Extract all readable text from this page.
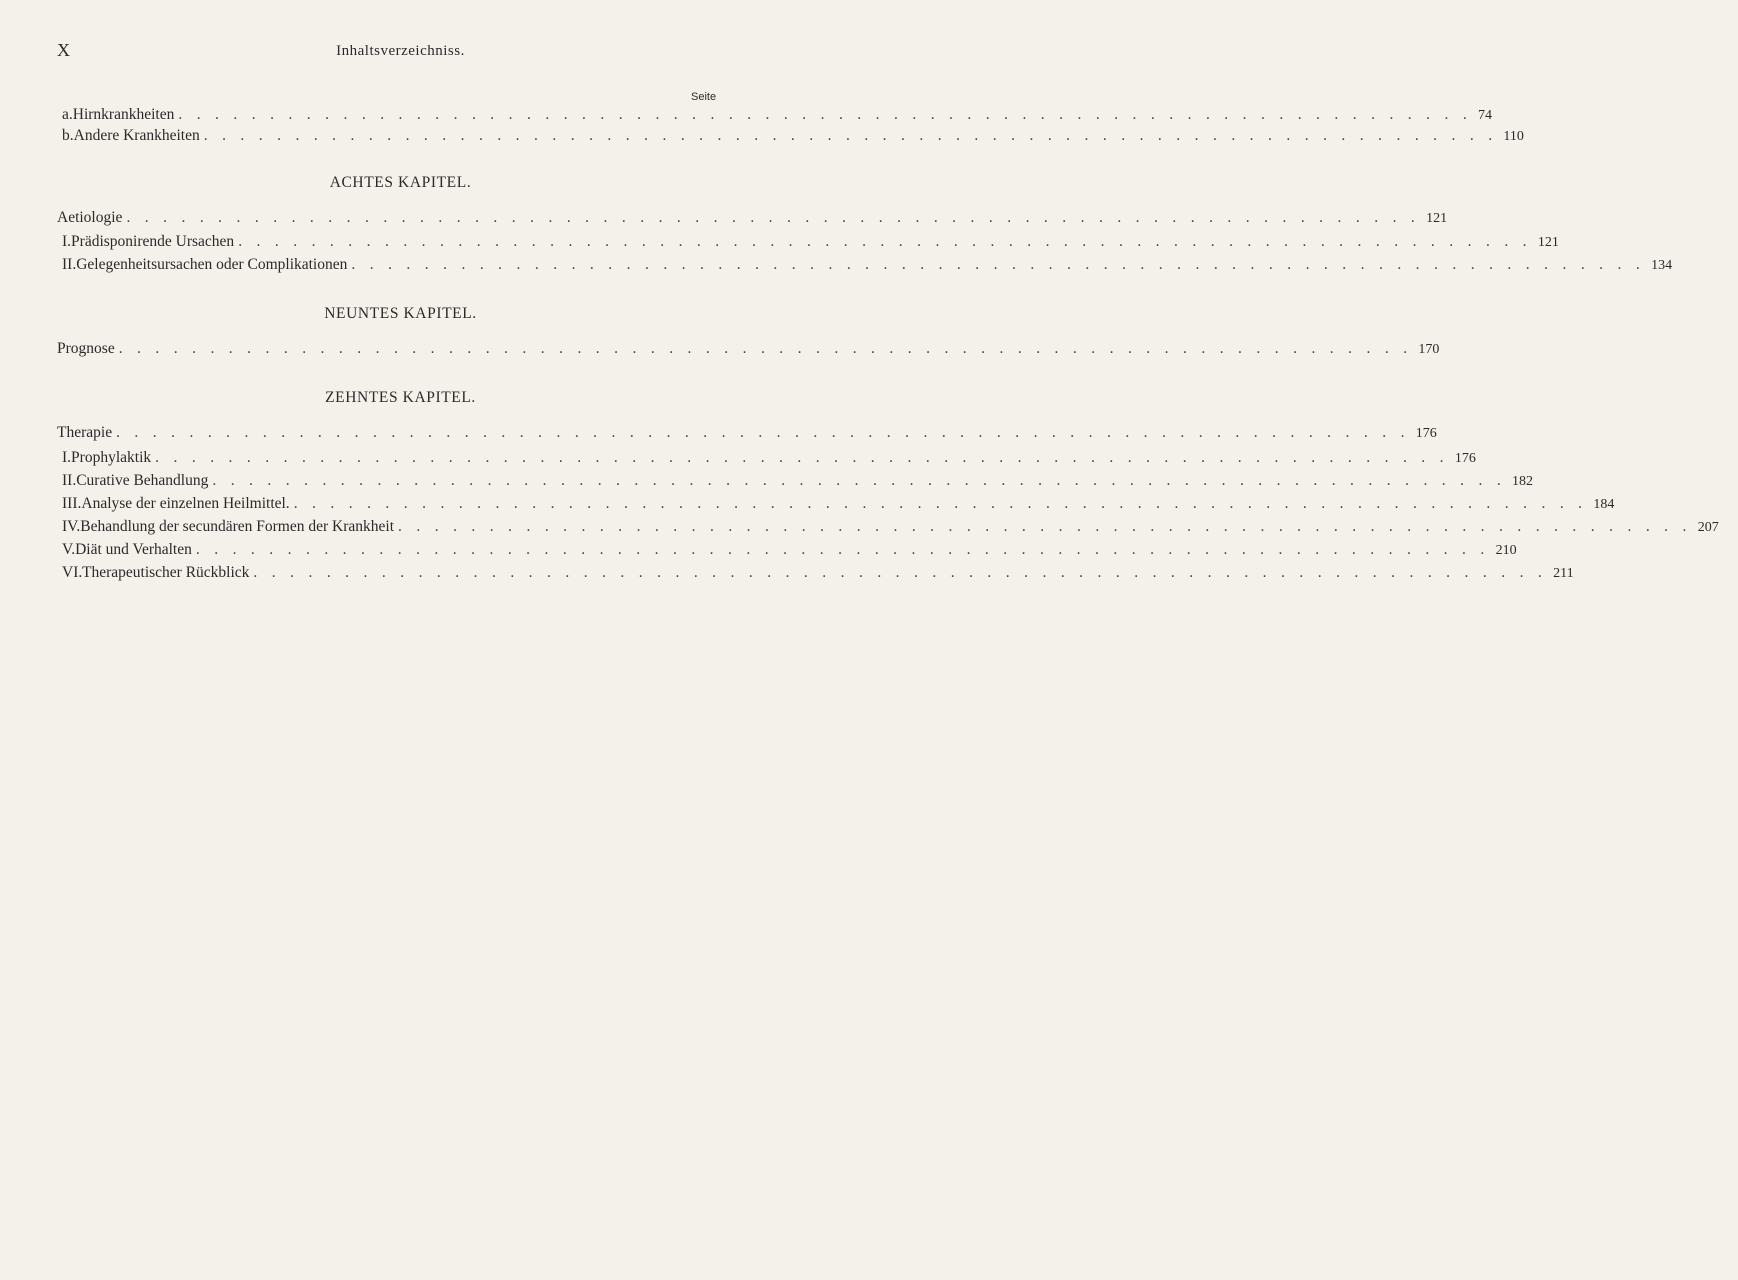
X	Inhaltsverzeichniss.
Seite
a. Hirnkrankheiten . . . . . . . . . . . . . . . . . . . . . . . . . . . . . . . . . . . . . . . . . . . . . . . . . . . . . . . . . . . . . . . . . . . . . . . 74
b. Andere Krankheiten . . . . . . . . . . . . . . . . . . . . . . . . . . . . . . . . . . . . . . . . . . . . . . . . . . . . . . . . . . . . . . . . . . . . . . . 110
ACHTES KAPITEL.
Aetiologie . . . . . . . . . . . . . . . . . . . . . . . . . . . . . . . . . . . . . . . . . . . . . . . . . . . . . . . . . . . . . . . . . . . . . . . 121
I. Prädisponirende Ursachen . . . . . . . . . . . . . . . . . . . . . . . . . . . . . . . . . . . . . . . . . . . . . . . . . . . . . . . . . . . . . . . . . . . . . . . 121
II. Gelegenheitsursachen oder Complikationen . . . . . . . . . . . . . . . . . . . . . . . . . . . . . . . . . . . . . . . . . . . . . . . . . . . . . . . . . . . . . . . . . . . . . . . 134
NEUNTES KAPITEL.
Prognose . . . . . . . . . . . . . . . . . . . . . . . . . . . . . . . . . . . . . . . . . . . . . . . . . . . . . . . . . . . . . . . . . . . . . . . 170
ZEHNTES KAPITEL.
Therapie . . . . . . . . . . . . . . . . . . . . . . . . . . . . . . . . . . . . . . . . . . . . . . . . . . . . . . . . . . . . . . . . . . . . . . . 176
I. Prophylaktik . . . . . . . . . . . . . . . . . . . . . . . . . . . . . . . . . . . . . . . . . . . . . . . . . . . . . . . . . . . . . . . . . . . . . . . 176
II. Curative Behandlung . . . . . . . . . . . . . . . . . . . . . . . . . . . . . . . . . . . . . . . . . . . . . . . . . . . . . . . . . . . . . . . . . . . . . . . 182
III. Analyse der einzelnen Heilmittel. . . . . . . . . . . . . . . . . . . . . . . . . . . . . . . . . . . . . . . . . . . . . . . . . . . . . . . . . . . . . . . . . . . . . . . . 184
IV. Behandlung der secundären Formen der Krankheit . . . . . . . . . . . . . . . . . . . . . . . . . . . . . . . . . . . . . . . . . . . . . . . . . . . . . . . . . . . . . . . . . . . . . . . 207
V. Diät und Verhalten . . . . . . . . . . . . . . . . . . . . . . . . . . . . . . . . . . . . . . . . . . . . . . . . . . . . . . . . . . . . . . . . . . . . . . . 210
VI. Therapeutischer Rückblick . . . . . . . . . . . . . . . . . . . . . . . . . . . . . . . . . . . . . . . . . . . . . . . . . . . . . . . . . . . . . . . . . . . . . . . 211
